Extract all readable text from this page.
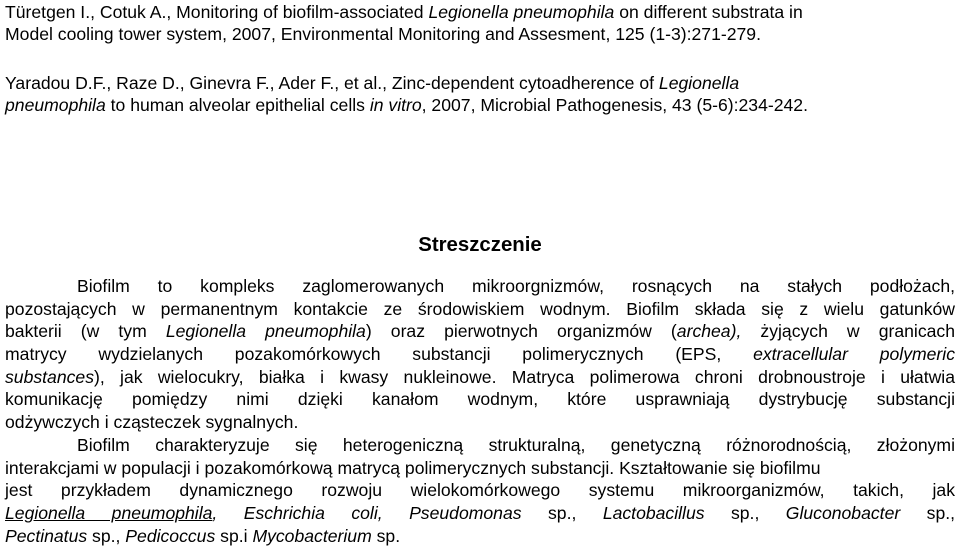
Türetgen I., Cotuk A., Monitoring of biofilm-associated Legionella pneumophila on different substrata in
Model cooling tower system, 2007, Environmental Monitoring and Assesment, 125 (1-3):271-279.
Yaradou D.F., Raze D., Ginevra F., Ader F., et al., Zinc-dependent cytoadherence of Legionella
pneumophila to human alveolar epithelial cells in vitro, 2007, Microbial Pathogenesis, 43 (5-6):234-242.
Streszczenie
Biofilm to kompleks zaglomerowanych mikroorgnizmów, rosnących na stałych podłożach,
pozostających w permanentnym kontakcie ze środowiskiem wodnym. Biofilm składa się z wielu gatunków
bakterii (w tym Legionella pneumophila) oraz pierwotnych organizmów (archea), żyjących w granicach
matrycy wydzielanych pozakomórkowych substancji polimerycznych (EPS, extracellular polymeric
substances), jak wielocukry, białka i kwasy nukleinowe. Matryca polimerowa chroni drobnoustroje i ułatwia
komunikację pomiędzy nimi dzięki kanałom wodnym, które usprawniają dystrybucję substancji
odżywczych i cząsteczek sygnalnych.
Biofilm charakteryzuje się heterogeniczną strukturalną, genetyczną różnorodnością, złożonymi
interakcjami w populacji i pozakomórkową matrycą polimerycznych substancji. Kształtowanie się biofilmu
jest przykładem dynamicznego rozwoju wielokomórkowego systemu mikroorganizmów, takich, jak
Legionella pneumophila, Eschrichia coli, Pseudomonas sp., Lactobacillus sp., Gluconobacter sp.,
Pectinatus sp., Pedicoccus sp.i Mycobacterium sp.
